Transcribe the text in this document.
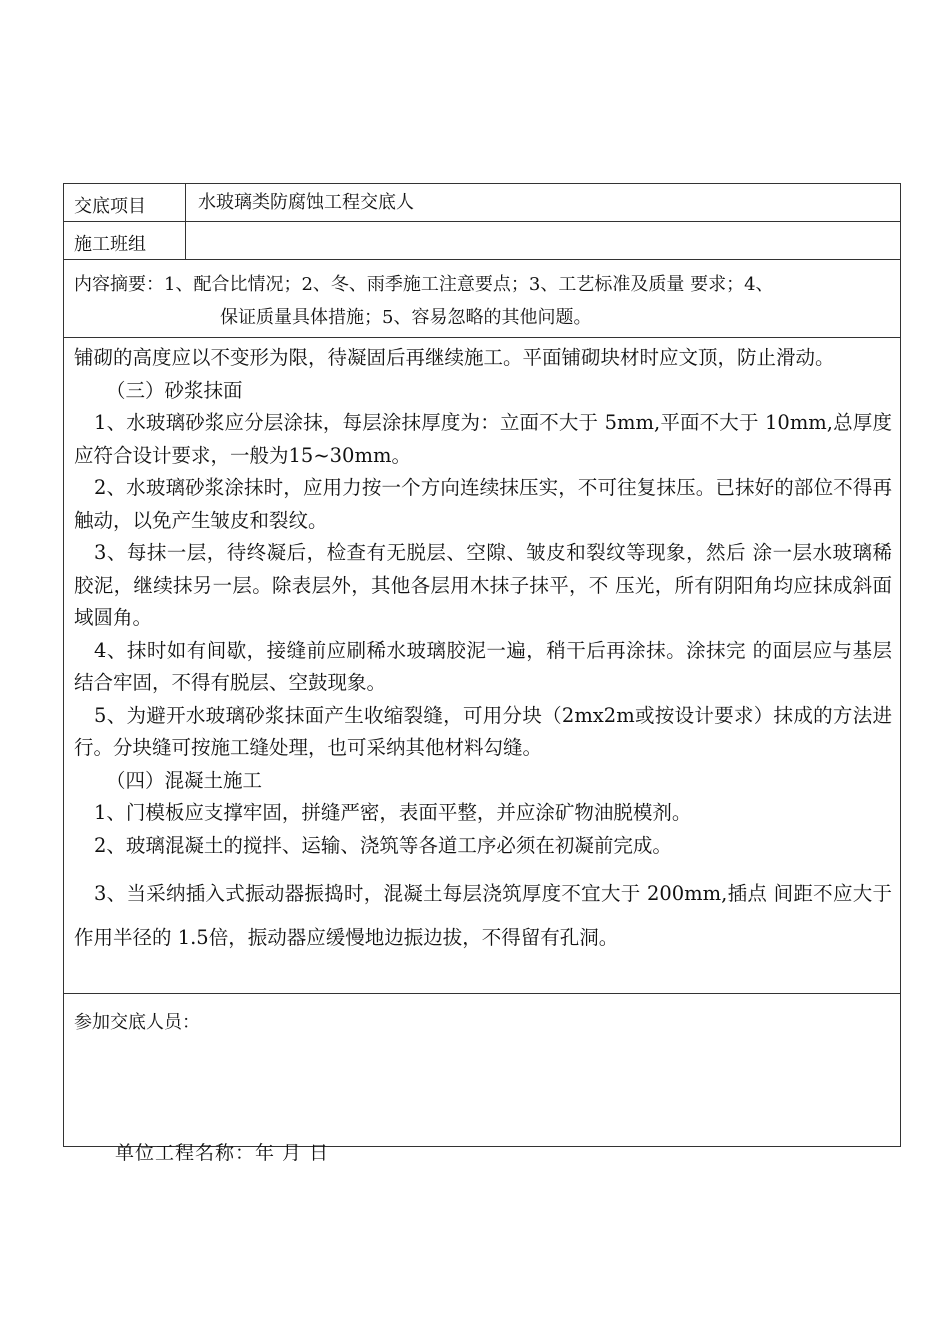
交底项目	水玻璃类防腐蚀工程交底人
施工班组
内容摘要：1、配合比情况；2、冬、雨季施工注意要点；3、工艺标准及质量 要求；4、
保证质量具体措施；5、容易忽略的其他问题。

铺砌的高度应以不变形为限，待凝固后再继续施工。平面铺砌块材时应文顶，防止滑动。

（三）砂浆抹面

1、水玻璃砂浆应分层涂抹，每层涂抹厚度为：立面不大于 5mm,平面不大于 10mm,总厚度应符合设计要求，一般为15~30mm。

2、水玻璃砂浆涂抹时，应用力按一个方向连续抹压实，不可往复抹压。已抹好的部位不得再触动，以免产生皱皮和裂纹。

3、每抹一层，待终凝后，检查有无脱层、空隙、皱皮和裂纹等现象，然后 涂一层水玻璃稀胶泥，继续抹另一层。除表层外，其他各层用木抹子抹平，不 压光，所有阴阳角均应抹成斜面域圆角。

4、抹时如有间歇，接缝前应刷稀水玻璃胶泥一遍，稍干后再涂抹。涂抹完 的面层应与基层结合牢固，不得有脱层、空鼓现象。

5、为避开水玻璃砂浆抹面产生收缩裂缝，可用分块（2mx2m或按设计要求）抹成的方法进行。分块缝可按施工缝处理，也可采纳其他材料勾缝。

（四）混凝土施工

1、门模板应支撑牢固，拼缝严密，表面平整，并应涂矿物油脱模剂。

2、玻璃混凝土的搅拌、运输、浇筑等各道工序必须在初凝前完成。

3、当采纳插入式振动器振捣时，混凝土每层浇筑厚度不宜大于 200mm,插点 间距不应大于作用半径的 1.5倍，振动器应缓慢地边振边拔，不得留有孔洞。

参加交底人员：
单位工程名称：年 月 日
